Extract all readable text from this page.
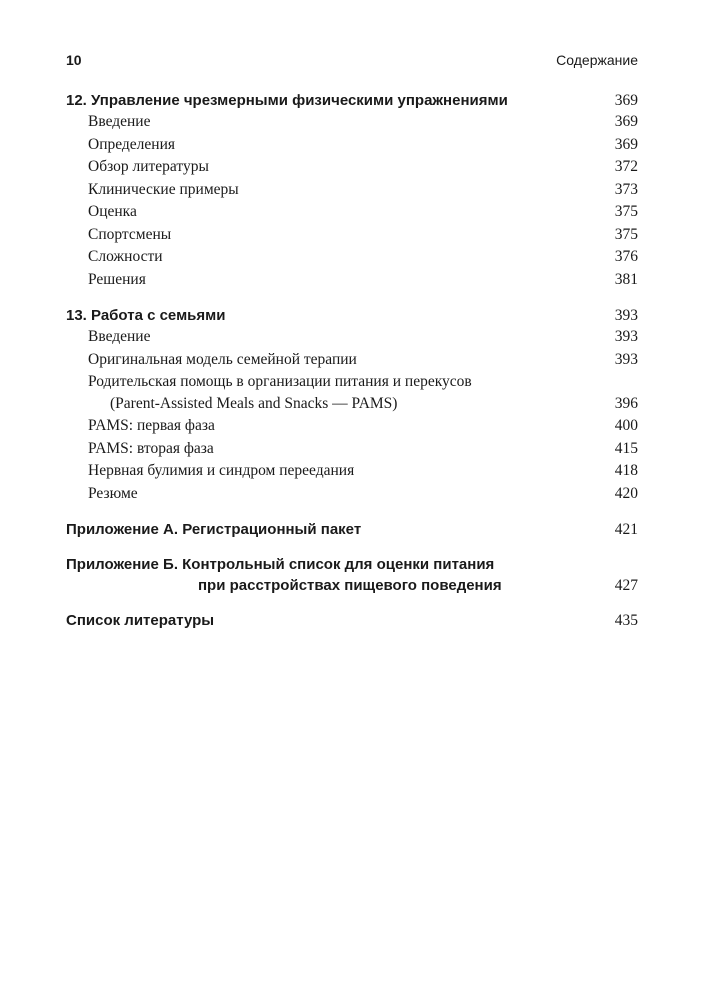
10	Содержание
12. Управление чрезмерными физическими упражнениями	369
Введение	369
Определения	369
Обзор литературы	372
Клинические примеры	373
Оценка	375
Спортсмены	375
Сложности	376
Решения	381
13. Работа с семьями	393
Введение	393
Оригинальная модель семейной терапии	393
Родительская помощь в организации питания и перекусов
(Parent-Assisted Meals and Snacks — PAMS)	396
PAMS: первая фаза	400
PAMS: вторая фаза	415
Нервная булимия и синдром переедания	418
Резюме	420
Приложение А. Регистрационный пакет	421
Приложение Б. Контрольный список для оценки питания
при расстройствах пищевого поведения	427
Список литературы	435
